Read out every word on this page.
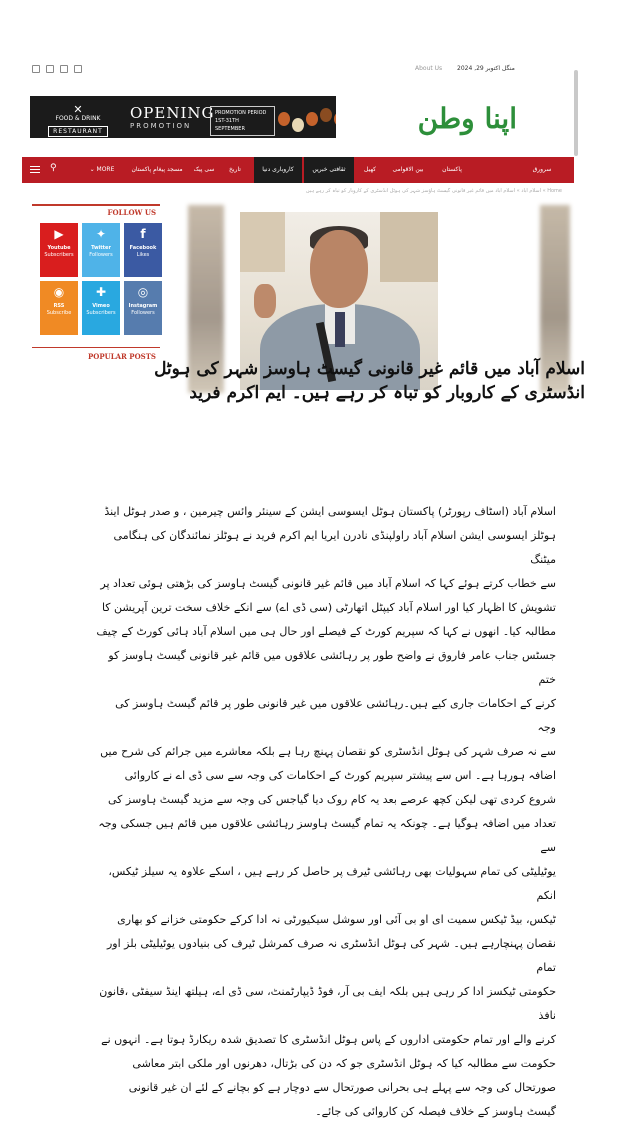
About Us منگل اکتوبر 29, 2024
✕
FOOD & DRINK
RESTAURANT
OPENING
PROMOTION
PROMOTION PERIOD
1ST-31TH SEPTEMBER	اپنا وطن
⚲	⌄ MORE	مسجد پیغامِ پاکستان	سی پیک	تاریخ	کاروباری دنیا	ثقافتی خبریں	کھیل	بین الاقوامی	پاکستان	سرورق
Home » اسلام آباد » اسلام آباد میں قائم غیر قانونی گیسٹ ہاؤسز شہر کی ہوٹل انڈسٹری کے کاروبار کو تباہ کر رہے ہیں
FOLLOW US
▶
Youtube
Subscribers
✦
Twitter
Followers
f
Facebook
Likes
◉
RSS
Subscribe
✚
Vimeo
Subscribers
◎
Instagram
Followers
POPULAR POSTS
اسلام آباد میں قائم غیر قانونی گیسٹ ہاوسز شہر کی ہوٹل انڈسٹری کے کاروبار کو تباہ کر رہے ہیں۔ ایم اکرم فرید

اسلام آباد (اسٹاف رپورٹر) پاکستان ہوٹل ایسوسی ایشن کے سینئر وائس چیرمین ، و صدر ہوٹل اینڈ

ہوٹلز ایسوسی ایشن اسلام آباد راولپنڈی نادرن ایریا ایم اکرم فرید نے ہوٹلز نمائندگان کی ہنگامی میٹنگ

سے خطاب کرتے ہوئے کہا کہ اسلام آباد میں قائم غیر قانونی گیسٹ ہاوسز کی بڑھتی ہوئی تعداد پر

تشویش کا اظہار کیا اور اسلام آباد کیپٹل اتھارٹی (سی ڈی اے) سے انکے خلاف سخت ترین آپریشن کا

مطالبہ کیا۔ انھوں نے کہا کہ سپریم کورٹ کے فیصلے اور حال ہی میں اسلام آباد ہائی کورٹ کے چیف

جسٹس جناب عامر فاروق نے واضح طور پر رہائشی علاقوں میں قائم غیر قانونی گیسٹ ہاوسز کو ختم

کرنے کے احکامات جاری کیے ہیں۔رہائشی علاقوں میں غیر قانونی طور پر قائم گیسٹ ہاوسز کی وجہ

سے نہ صرف شہر کی ہوٹل انڈسٹری کو نقصان پہنچ رہا ہے بلکہ معاشرے میں جرائم کی شرح میں

اضافہ ہورہا ہے۔ اس سے پیشتر سپریم کورٹ کے احکامات کی وجہ سے سی ڈی اے نے کاروائی

شروع کردی تھی لیکن کچھ عرصے بعد یہ کام روک دیا گیاجس کی وجہ سے مزید گیسٹ ہاوسز کی

تعداد میں اضافہ ہوگیا ہے۔ چونکہ یہ تمام گیسٹ ہاوسز رہائشی علاقوں میں قائم ہیں جسکی وجہ سے

یوٹیلیٹی کی تمام سہولیات بھی رہائشی ٹیرف پر حاصل کر رہے ہیں ، اسکے علاوہ یہ سیلز ٹیکس، انکم

ٹیکس، بیڈ ٹیکس سمیت ای او بی آئی اور سوشل سیکیورٹی نہ ادا کرکے حکومتی خزانے کو بھاری

نقصان پہنچارہے ہیں۔ شہر کی ہوٹل انڈسٹری نہ صرف کمرشل ٹیرف کی بنیادوں یوٹیلیٹی بلز اور تمام

حکومتی ٹیکسز ادا کر رہی ہیں بلکہ ایف بی آر، فوڈ ڈیپارٹمنٹ، سی ڈی اے، ہیلتھ اینڈ سیفٹی ،قانون نافذ

کرنے والے اور تمام حکومتی اداروں کے پاس ہوٹل انڈسٹری کا تصدیق شدہ ریکارڈ ہوتا ہے۔ انہوں نے

حکومت سے مطالبہ کیا کہ ہوٹل انڈسٹری جو کہ دن کی بڑتال، دھرنوں اور ملکی ابتر معاشی

صورتحال کی وجہ سے پہلے ہی بحرانی صورتحال سے دوچار ہے کو بچانے کے لئے ان غیر قانونی

گیسٹ ہاوسز کے خلاف فیصلہ کن کاروائی کی جائے۔
